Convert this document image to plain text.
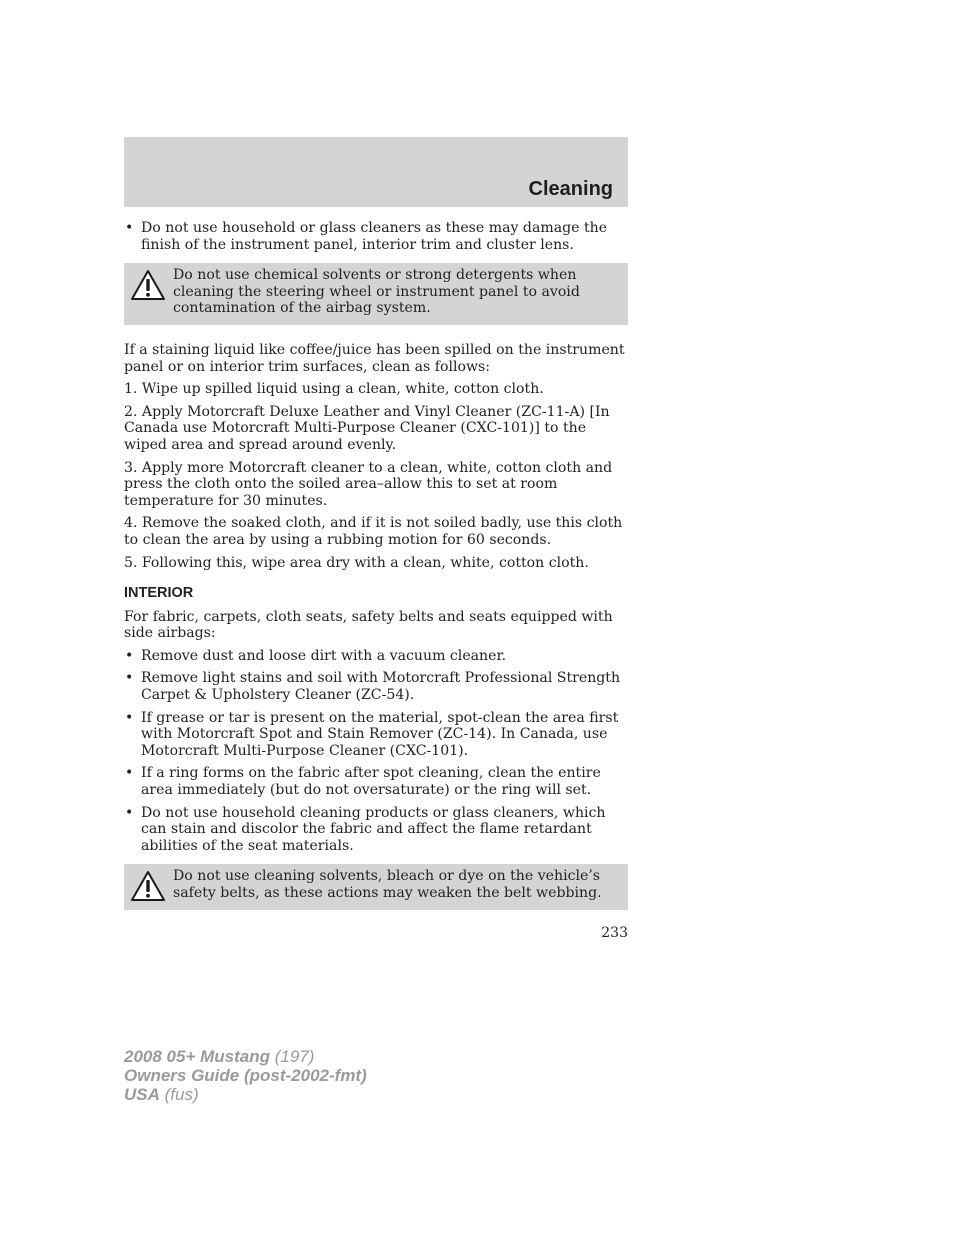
Cleaning
• Do not use household or glass cleaners as these may damage the finish of the instrument panel, interior trim and cluster lens.
Do not use chemical solvents or strong detergents when cleaning the steering wheel or instrument panel to avoid contamination of the airbag system.

If a staining liquid like coffee/juice has been spilled on the instrument panel or on interior trim surfaces, clean as follows:

1. Wipe up spilled liquid using a clean, white, cotton cloth.

2. Apply Motorcraft Deluxe Leather and Vinyl Cleaner (ZC-11-A) [In Canada use Motorcraft Multi-Purpose Cleaner (CXC-101)] to the wiped area and spread around evenly.

3. Apply more Motorcraft cleaner to a clean, white, cotton cloth and press the cloth onto the soiled area–allow this to set at room temperature for 30 minutes.

4. Remove the soaked cloth, and if it is not soiled badly, use this cloth to clean the area by using a rubbing motion for 60 seconds.

5. Following this, wipe area dry with a clean, white, cotton cloth.

INTERIOR

For fabric, carpets, cloth seats, safety belts and seats equipped with side airbags:

• Remove dust and loose dirt with a vacuum cleaner.
• Remove light stains and soil with Motorcraft Professional Strength Carpet & Upholstery Cleaner (ZC-54).
• If grease or tar is present on the material, spot-clean the area first with Motorcraft Spot and Stain Remover (ZC-14). In Canada, use Motorcraft Multi-Purpose Cleaner (CXC-101).
• If a ring forms on the fabric after spot cleaning, clean the entire area immediately (but do not oversaturate) or the ring will set.
• Do not use household cleaning products or glass cleaners, which can stain and discolor the fabric and affect the flame retardant abilities of the seat materials.
Do not use cleaning solvents, bleach or dye on the vehicle’s safety belts, as these actions may weaken the belt webbing.
233
2008 05+ Mustang (197)
Owners Guide (post-2002-fmt)
USA (fus)
